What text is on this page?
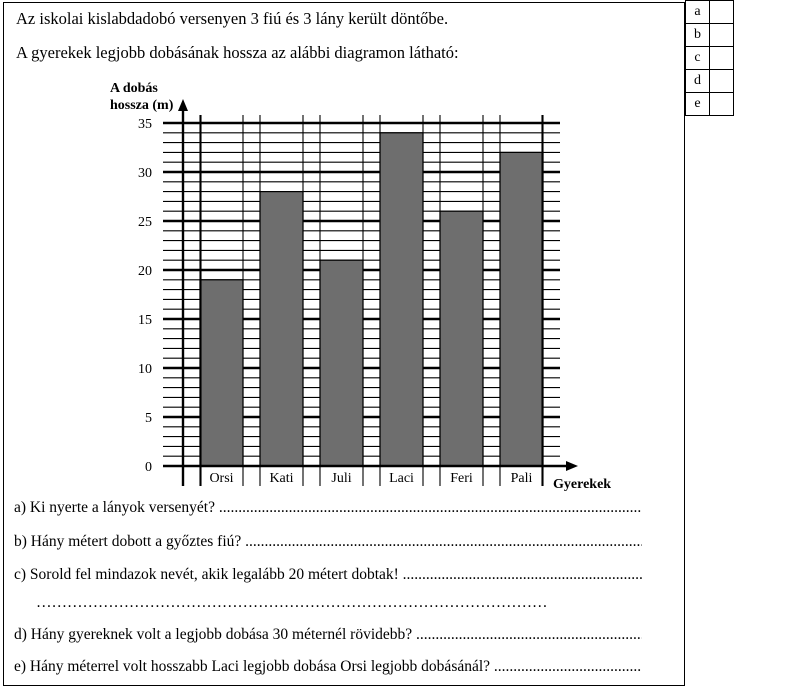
Az iskolai kislabdadobó versenyen 3 fiú és 3 lány került döntőbe.
A gyerekek legjobb dobásának hossza az alábbi diagramon látható:
0
5
10
15
20
25
30
35
Orsi	Kati	Juli	Laci	Feri	Pali
A dobás hossza (m)
Gyerekek
a) Ki nyerte a lányok versenyét? .....
b) Hány métert dobott a győztes fiú? .....
c) Sorold fel mindazok nevét, akik legalább 20 métert dobtak! .....
………………………………………………………………………………………
d) Hány gyereknek volt a legjobb dobása 30 méternél rövidebb? .....
e) Hány méterrel volt hosszabb Laci legjobb dobása Orsi legjobb dobásánál? .....
a	
b	
c	
d	
e	
